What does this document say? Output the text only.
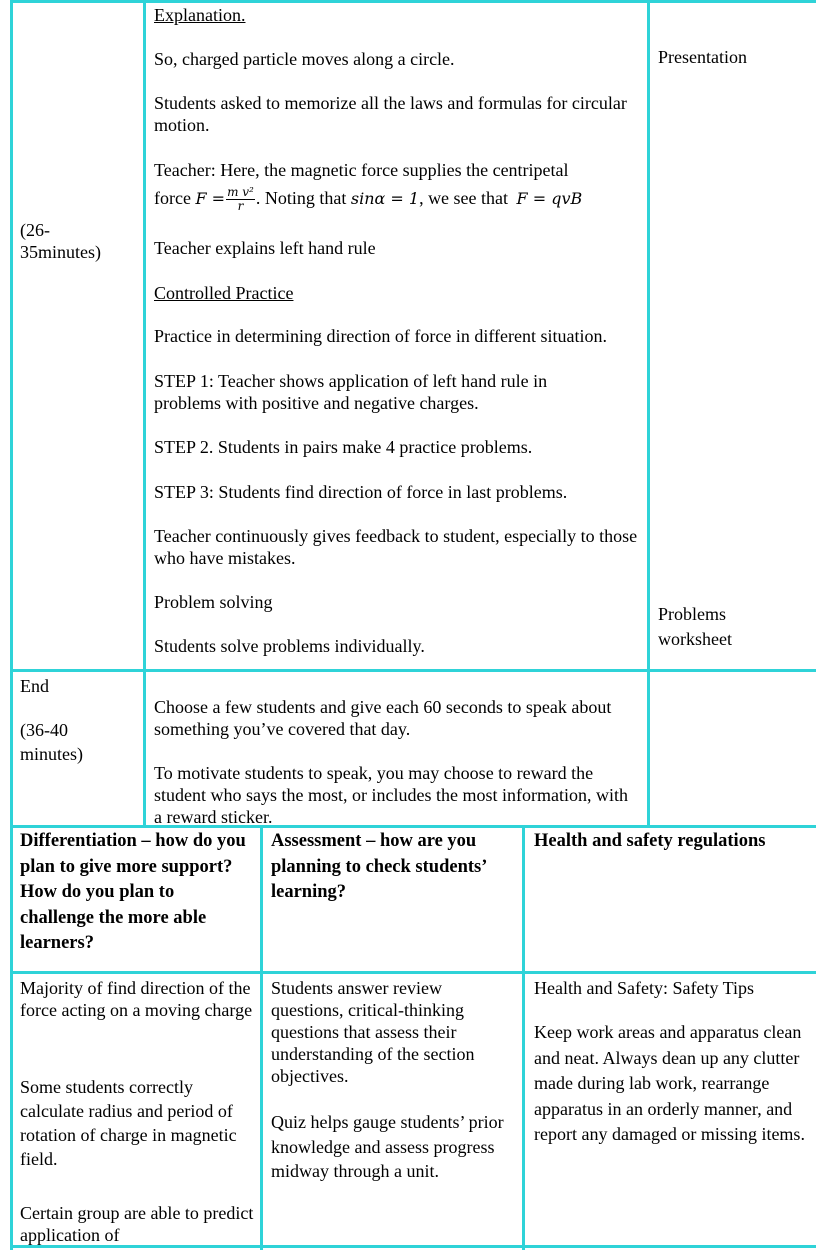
(26-
35minutes)
Explanation.
So, charged particle moves along a circle.
Students asked to memorize all the laws and formulas for circular motion.
Teacher: Here, the magnetic force supplies the centripetal
force $F = \frac{\text{m v²}}{r}$ . Noting that sinα = 1, we see that F = qvB
Teacher explains left hand rule
Controlled Practice
Practice in determining direction of force in different situation.
STEP 1: Teacher shows application of left hand rule in problems with positive and negative charges.
STEP 2. Students in pairs make 4 practice problems.
STEP 3: Students find direction of force in last problems.
Teacher continuously gives feedback to student, especially to those who have mistakes.
Problem solving
Students solve problems individually.
Presentation
Problems
worksheet
End
(36-40
minutes)
Choose a few students and give each 60 seconds to speak about something you’ve covered that day.
To motivate students to speak, you may choose to reward the student who says the most, or includes the most information, with a reward sticker.
Differentiation – how do you plan to give more support? How do you plan to challenge the more able learners?
Assessment – how are you planning to check students’ learning?
Health and safety regulations
Majority of find direction of the force acting on a moving charge
Some students correctly calculate radius and period of rotation of charge in magnetic field.
Certain group are able to predict application of
Students answer review questions, critical-thinking questions that assess their understanding of the section objectives.
Quiz helps gauge students’ prior knowledge and assess progress midway through a unit.
Health and Safety: Safety Tips
Keep work areas and apparatus clean and neat. Always dean up any clutter made during lab work, rearrange apparatus in an orderly manner, and report any damaged or missing items.
